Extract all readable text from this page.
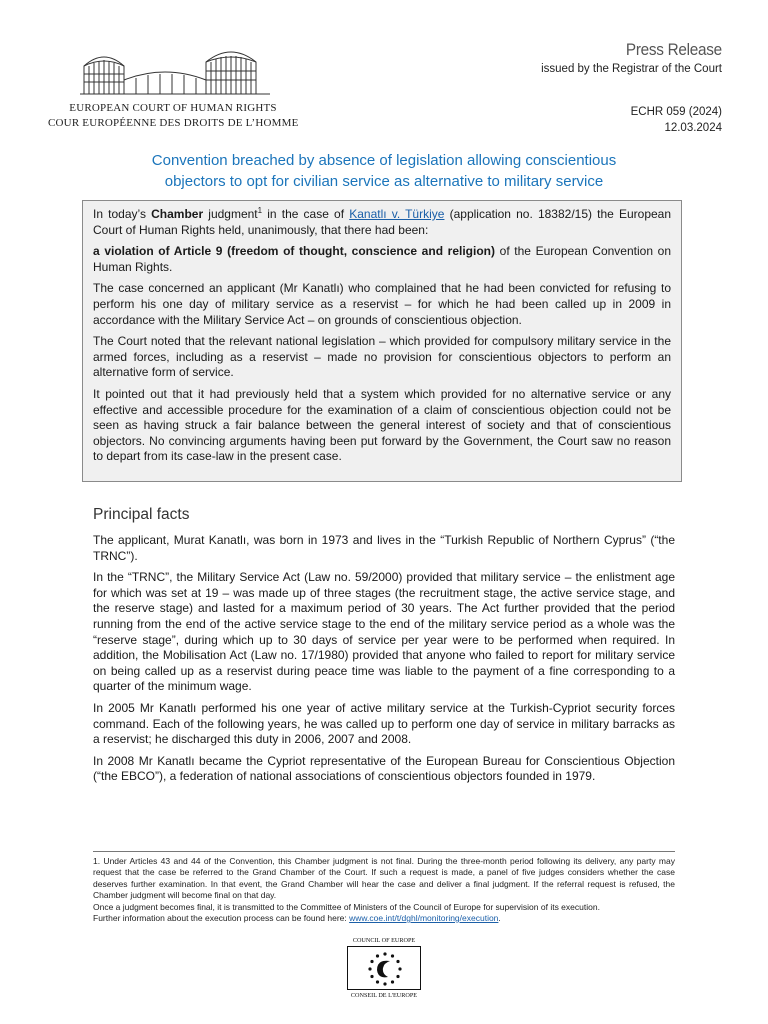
EUROPEAN COURT OF HUMAN RIGHTS
COUR EUROPÉENNE DES DROITS DE L’HOMME
Press Release
issued by the Registrar of the Court
ECHR 059 (2024)
12.03.2024
Convention breached by absence of legislation allowing conscientious
objectors to opt for civilian service as alternative to military service

In today’s Chamber judgment$^1$ in the case of Kanatlı v. Türkiye (application no. 18382/15) the European Court of Human Rights held, unanimously, that there had been:

a violation of Article 9 (freedom of thought, conscience and religion) of the European Convention on Human Rights.

The case concerned an applicant (Mr Kanatlı) who complained that he had been convicted for refusing to perform his one day of military service as a reservist – for which he had been called up in 2009 in accordance with the Military Service Act – on grounds of conscientious objection.

The Court noted that the relevant national legislation – which provided for compulsory military service in the armed forces, including as a reservist – made no provision for conscientious objectors to perform an alternative form of service.

It pointed out that it had previously held that a system which provided for no alternative service or any effective and accessible procedure for the examination of a claim of conscientious objection could not be seen as having struck a fair balance between the general interest of society and that of conscientious objectors. No convincing arguments having been put forward by the Government, the Court saw no reason to depart from its case-law in the present case.

Principal facts

The applicant, Murat Kanatlı, was born in 1973 and lives in the “Turkish Republic of Northern Cyprus” (“the TRNC”).

In the “TRNC”, the Military Service Act (Law no. 59/2000) provided that military service – the enlistment age for which was set at 19 – was made up of three stages (the recruitment stage, the active service stage, and the reserve stage) and lasted for a maximum period of 30 years. The Act further provided that the period running from the end of the active service stage to the end of the military service period as a whole was the “reserve stage”, during which up to 30 days of service per year were to be performed when required. In addition, the Mobilisation Act (Law no. 17/1980) provided that anyone who failed to report for military service on being called up as a reservist during peace time was liable to the payment of a fine corresponding to a quarter of the minimum wage.

In 2005 Mr Kanatlı performed his one year of active military service at the Turkish-Cypriot security forces command. Each of the following years, he was called up to perform one day of service in military barracks as a reservist; he discharged this duty in 2006, 2007 and 2008.

In 2008 Mr Kanatlı became the Cypriot representative of the European Bureau for Conscientious Objection (“the EBCO”), a federation of national associations of conscientious objectors founded in 1979.

1. Under Articles 43 and 44 of the Convention, this Chamber judgment is not final. During the three-month period following its delivery, any party may request that the case be referred to the Grand Chamber of the Court. If such a request is made, a panel of five judges considers whether the case deserves further examination. In that event, the Grand Chamber will hear the case and deliver a final judgment. If the referral request is refused, the Chamber judgment will become final on that day.

Once a judgment becomes final, it is transmitted to the Committee of Ministers of the Council of Europe for supervision of its execution.

Further information about the execution process can be found here: www.coe.int/t/dghl/monitoring/execution.

COUNCIL OF EUROPE
CONSEIL DE L'EUROPE
